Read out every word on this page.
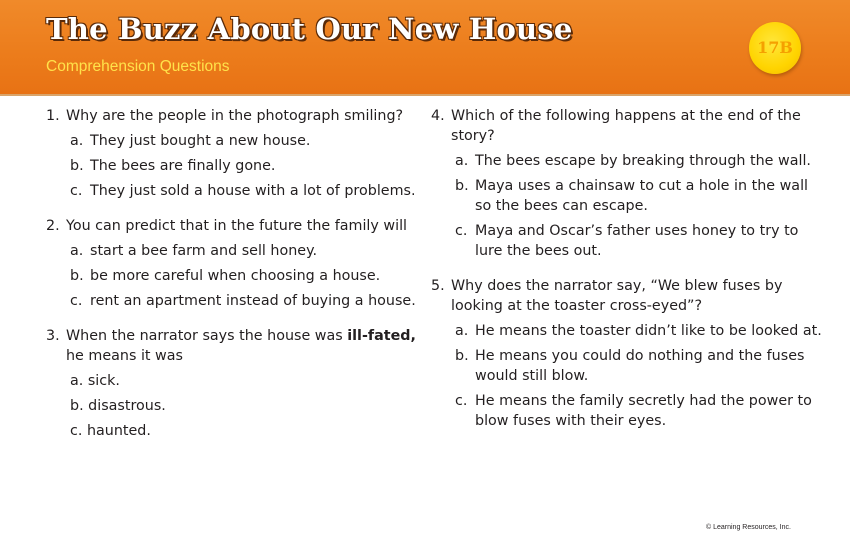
The Buzz About Our New House
Comprehension Questions
17B
1. Why are the people in the photograph smiling?
a. They just bought a new house.
b. The bees are finally gone.
c. They just sold a house with a lot of problems.
2. You can predict that in the future the family will
a. start a bee farm and sell honey.
b. be more careful when choosing a house.
c. rent an apartment instead of buying a house.
3. When the narrator says the house was ill-fated, he means it was
a. sick.
b. disastrous.
c. haunted.
4. Which of the following happens at the end of the story?
a. The bees escape by breaking through the wall.
b. Maya uses a chainsaw to cut a hole in the wall so the bees can escape.
c. Maya and Oscar’s father uses honey to try to lure the bees out.
5. Why does the narrator say, “We blew fuses by looking at the toaster cross-eyed”?
a. He means the toaster didn’t like to be looked at.
b. He means you could do nothing and the fuses would still blow.
c. He means the family secretly had the power to blow fuses with their eyes.
© Learning Resources, Inc.
